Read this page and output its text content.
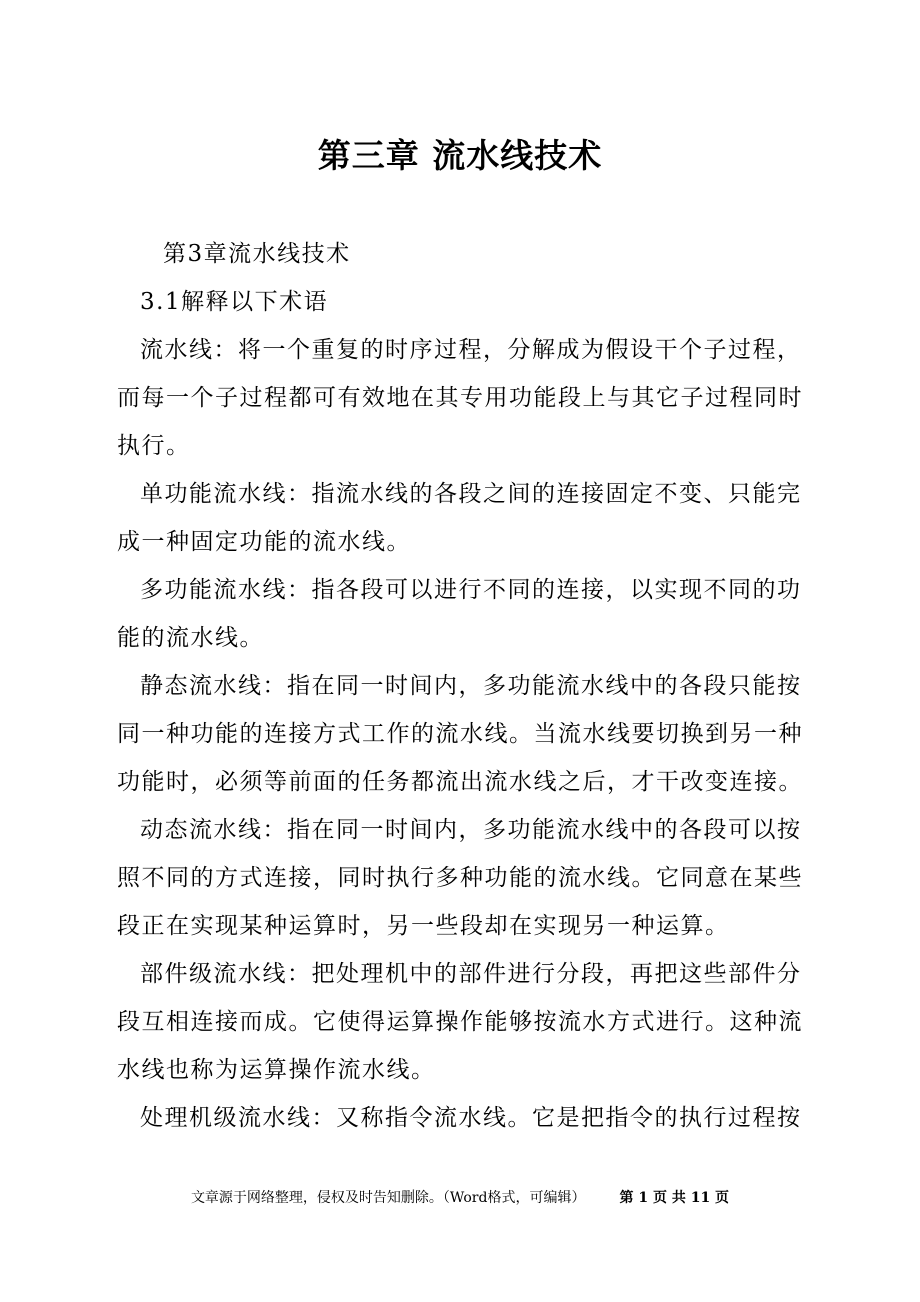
第三章 流水线技术

第3章流水线技术

3.1解释以下术语

流水线：将一个重复的时序过程，分解成为假设干个子过程，而每一个子过程都可有效地在其专用功能段上与其它子过程同时执行。

单功能流水线：指流水线的各段之间的连接固定不变、只能完成一种固定功能的流水线。

多功能流水线：指各段可以进行不同的连接，以实现不同的功能的流水线。

静态流水线：指在同一时间内，多功能流水线中的各段只能按同一种功能的连接方式工作的流水线。当流水线要切换到另一种功能时，必须等前面的任务都流出流水线之后，才干改变连接。

动态流水线：指在同一时间内，多功能流水线中的各段可以按照不同的方式连接，同时执行多种功能的流水线。它同意在某些段正在实现某种运算时，另一些段却在实现另一种运算。

部件级流水线：把处理机中的部件进行分段，再把这些部件分段互相连接而成。它使得运算操作能够按流水方式进行。这种流水线也称为运算操作流水线。

处理机级流水线：又称指令流水线。它是把指令的执行过程按

文章源于网络整理，侵权及时告知删除。（Word格式，可编辑） 第 1 页 共 11 页
